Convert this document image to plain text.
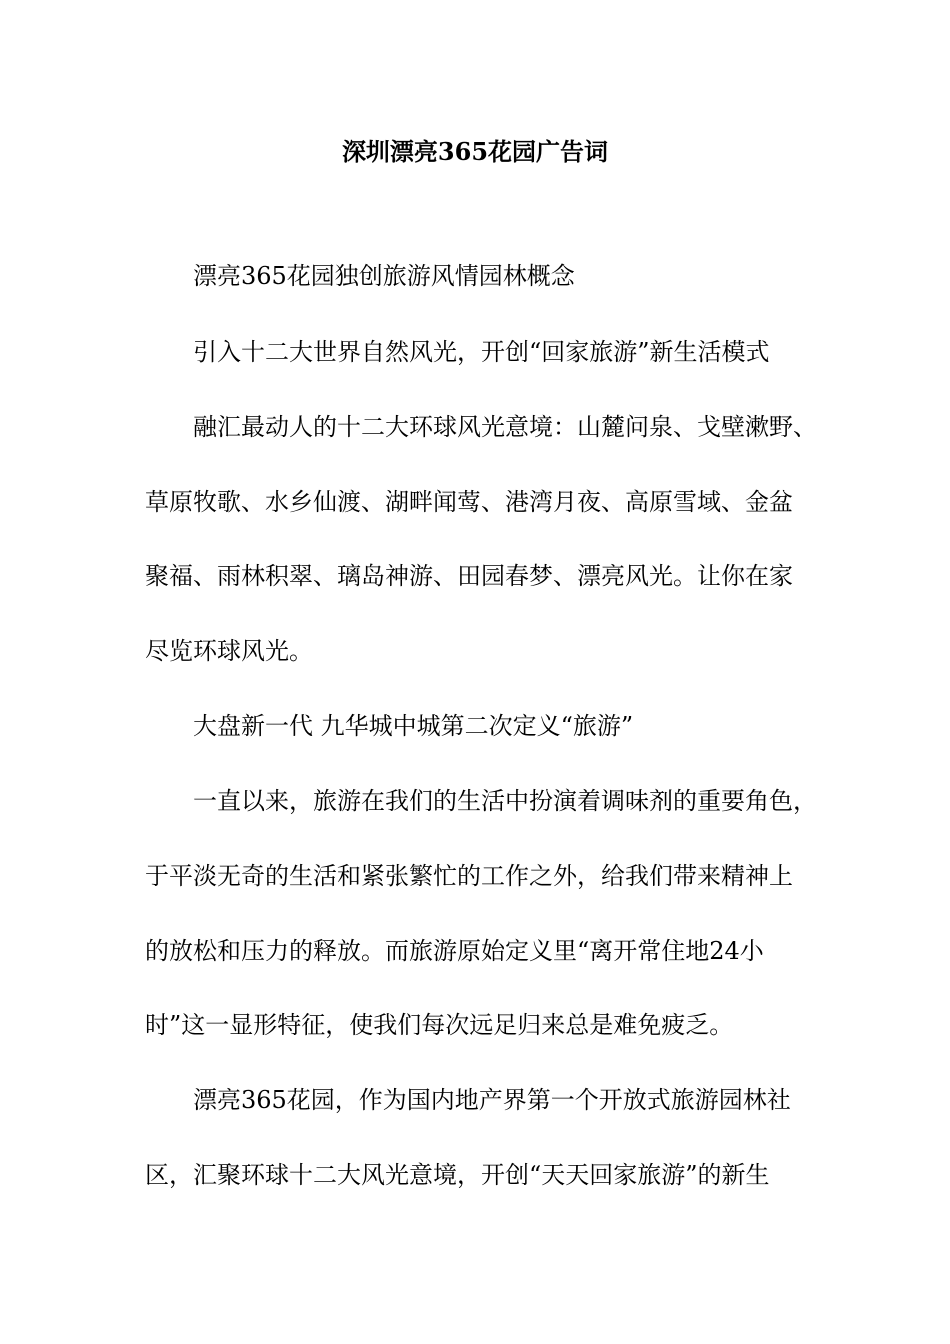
深圳漂亮365花园广告词
漂亮365花园独创旅游风情园林概念
引入十二大世界自然风光，开创“回家旅游”新生活模式
融汇最动人的十二大环球风光意境：山麓问泉、戈壁漱野、
草原牧歌、水乡仙渡、湖畔闻莺、港湾月夜、高原雪域、金盆
聚福、雨林积翠、璃岛神游、田园春梦、漂亮风光。让你在家
尽览环球风光。
大盘新一代 九华城中城第二次定义“旅游”
一直以来，旅游在我们的生活中扮演着调味剂的重要角色，
于平淡无奇的生活和紧张繁忙的工作之外，给我们带来精神上
的放松和压力的释放。而旅游原始定义里“离开常住地24小
时”这一显形特征，使我们每次远足归来总是难免疲乏。
漂亮365花园，作为国内地产界第一个开放式旅游园林社
区，汇聚环球十二大风光意境，开创“天天回家旅游”的新生
